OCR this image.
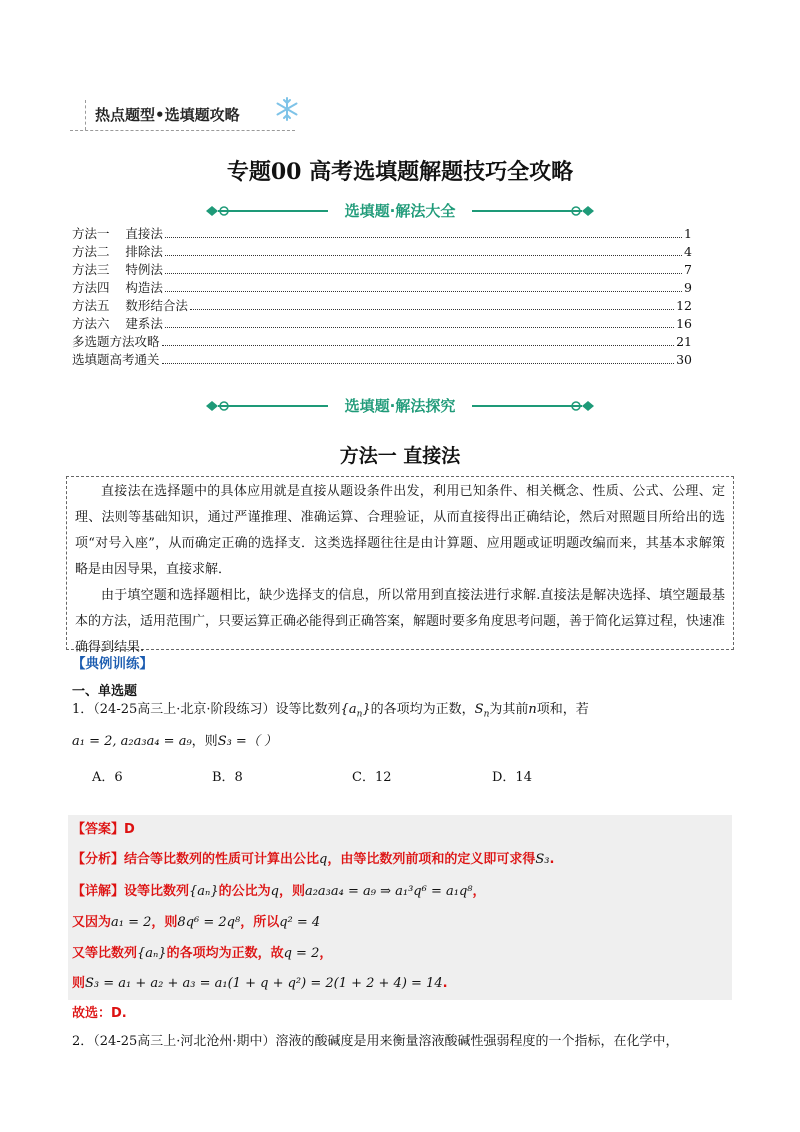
热点题型•选填题攻略
专题00 高考选填题解题技巧全攻略
选填题·解法大全
方法一    直接法	1
方法二    排除法	4
方法三    特例法	7
方法四    构造法	9
方法五    数形结合法	12
方法六    建系法	16
多选题方法攻略	21
选填题高考通关	30
选填题·解法探究
方法一 直接法

直接法在选择题中的具体应用就是直接从题设条件出发，利用已知条件、相关概念、性质、公式、公理、定理、法则等基础知识，通过严谨推理、准确运算、合理验证，从而直接得出正确结论，然后对照题目所给出的选项“对号入座”，从而确定正确的选择支．这类选择题往往是由计算题、应用题或证明题改编而来，其基本求解策略是由因导果，直接求解．

由于填空题和选择题相比，缺少选择支的信息，所以常用到直接法进行求解.直接法是解决选择、填空题最基本的方法，适用范围广，只要运算正确必能得到正确答案，解题时要多角度思考问题，善于简化运算过程，快速准确得到结果.

【典例训练】
一、单选题
1．（24-25高三上·北京·阶段练习）设等比数列$\{a_n\}$的各项均为正数，$S_n$为其前n项和，若
a₁ = 2, a₂a₃a₄ = a₉，则S₃ =（ ）
A．6	B．8	C．12	D．14
【答案】D
【分析】结合等比数列的性质可计算出公比q，由等比数列前项和的定义即可求得S₃.
【详解】设等比数列{aₙ}的公比为q，则a₂a₃a₄ = a₉ ⇒ a₁³q⁶ = a₁q⁸，
又因为a₁ = 2，则8q⁶ = 2q⁸，所以q² = 4
又等比数列{aₙ}的各项均为正数，故q = 2，
则S₃ = a₁ + a₂ + a₃ = a₁(1 + q + q²) = 2(1 + 2 + 4) = 14.
故选：D.
2．（24-25高三上·河北沧州·期中）溶液的酸碱度是用来衡量溶液酸碱性强弱程度的一个指标，在化学中，
